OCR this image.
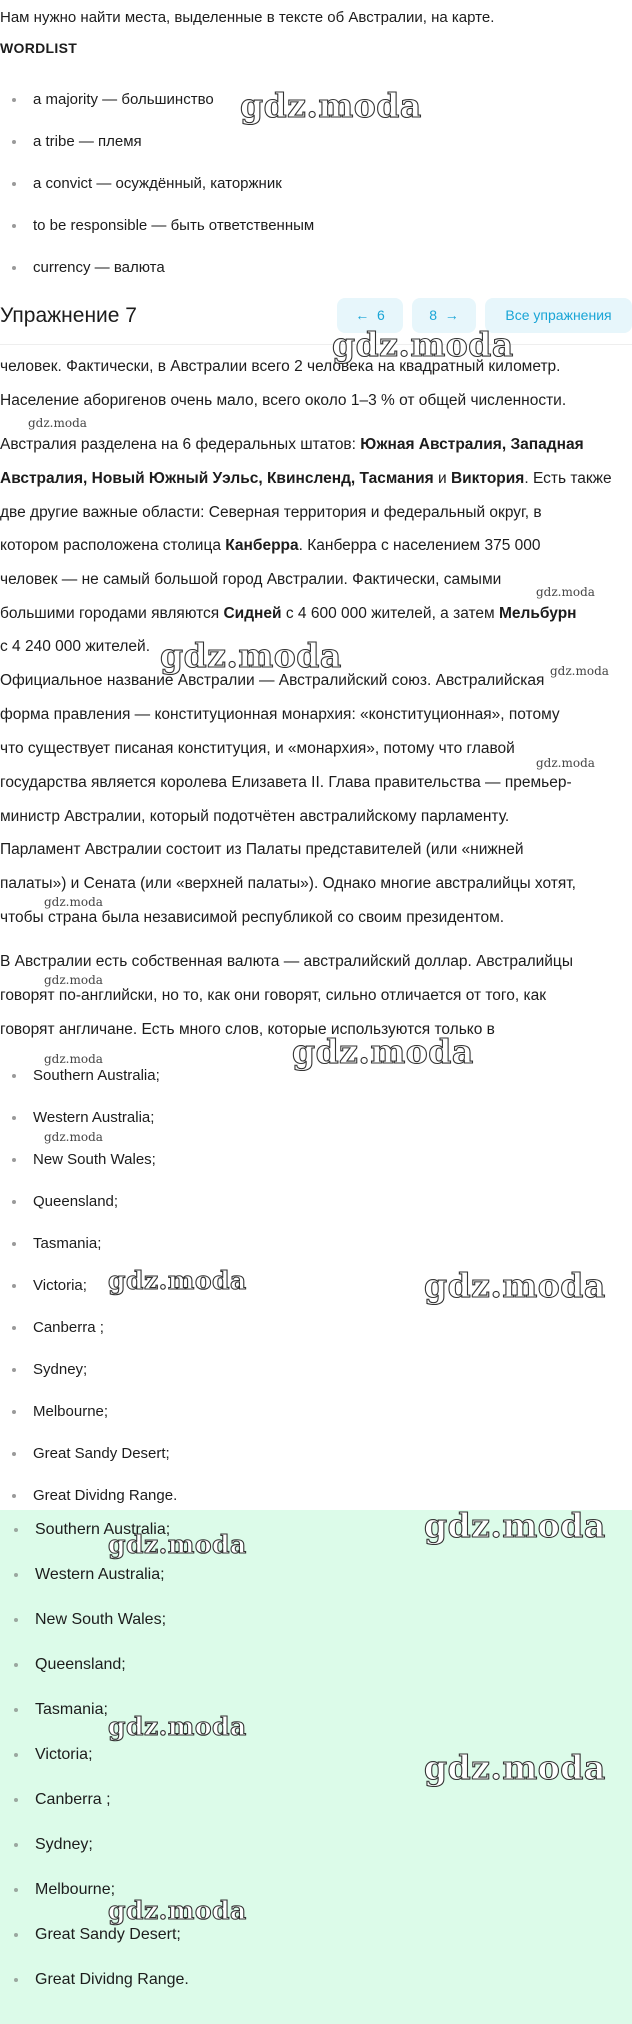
Нам нужно найти места, выделенные в тексте об Австралии, на карте.
WORDLIST
a majority — большинство
a tribe — племя
a convict — осуждённый, каторжник
to be responsible — быть ответственным
currency — валюта
Упражнение 7	← 6	8 →	Все упражнения
человек. Фактически, в Австралии всего 2 человека на квадратный километр.
Население аборигенов очень мало, всего около 1–3 % от общей численности.
Австралия разделена на 6 федеральных штатов: Южная Австралия, Западная
Австралия, Новый Южный Уэльс, Квинсленд, Тасмания и Виктория. Есть также
две другие важные области: Северная территория и федеральный округ, в
котором расположена столица Канберра. Канберра с населением 375 000
человек — не самый большой город Австралии. Фактически, самыми
большими городами являются Сидней с 4 600 000 жителей, а затем Мельбурн
с 4 240 000 жителей.
Официальное название Австралии — Австралийский союз. Австралийская
форма правления — конституционная монархия: «конституционная», потому
что существует писаная конституция, и «монархия», потому что главой
государства является королева Елизавета II. Глава правительства — премьер-
министр Австралии, который подотчётен австралийскому парламенту.
Парламент Австралии состоит из Палаты представителей (или «нижней
палаты») и Сената (или «верхней палаты»). Однако многие австралийцы хотят,
чтобы страна была независимой республикой со своим президентом.
В Австралии есть собственная валюта — австралийский доллар. Австралийцы
говорят по-английски, но то, как они говорят, сильно отличается от того, как
говорят англичане. Есть много слов, которые используются только в
Southern Australia;
Western Australia;
New South Wales;
Queensland;
Tasmania;
Victoria;
Canberra ;
Sydney;
Melbourne;
Great Sandy Desert;
Great Dividng Range.
Southern Australia;
Western Australia;
New South Wales;
Queensland;
Tasmania;
Victoria;
Canberra ;
Sydney;
Melbourne;
Great Sandy Desert;
Great Dividng Range.
gdz.moda
gdz.moda
gdz.moda
gdz.moda
gdz.moda
gdz.moda
gdz.moda
gdz.moda
gdz.moda
gdz.moda
gdz.moda
gdz.moda
gdz.moda	gdz.moda
gdz.moda	gdz.moda
gdz.moda
gdz.moda
gdz.moda
